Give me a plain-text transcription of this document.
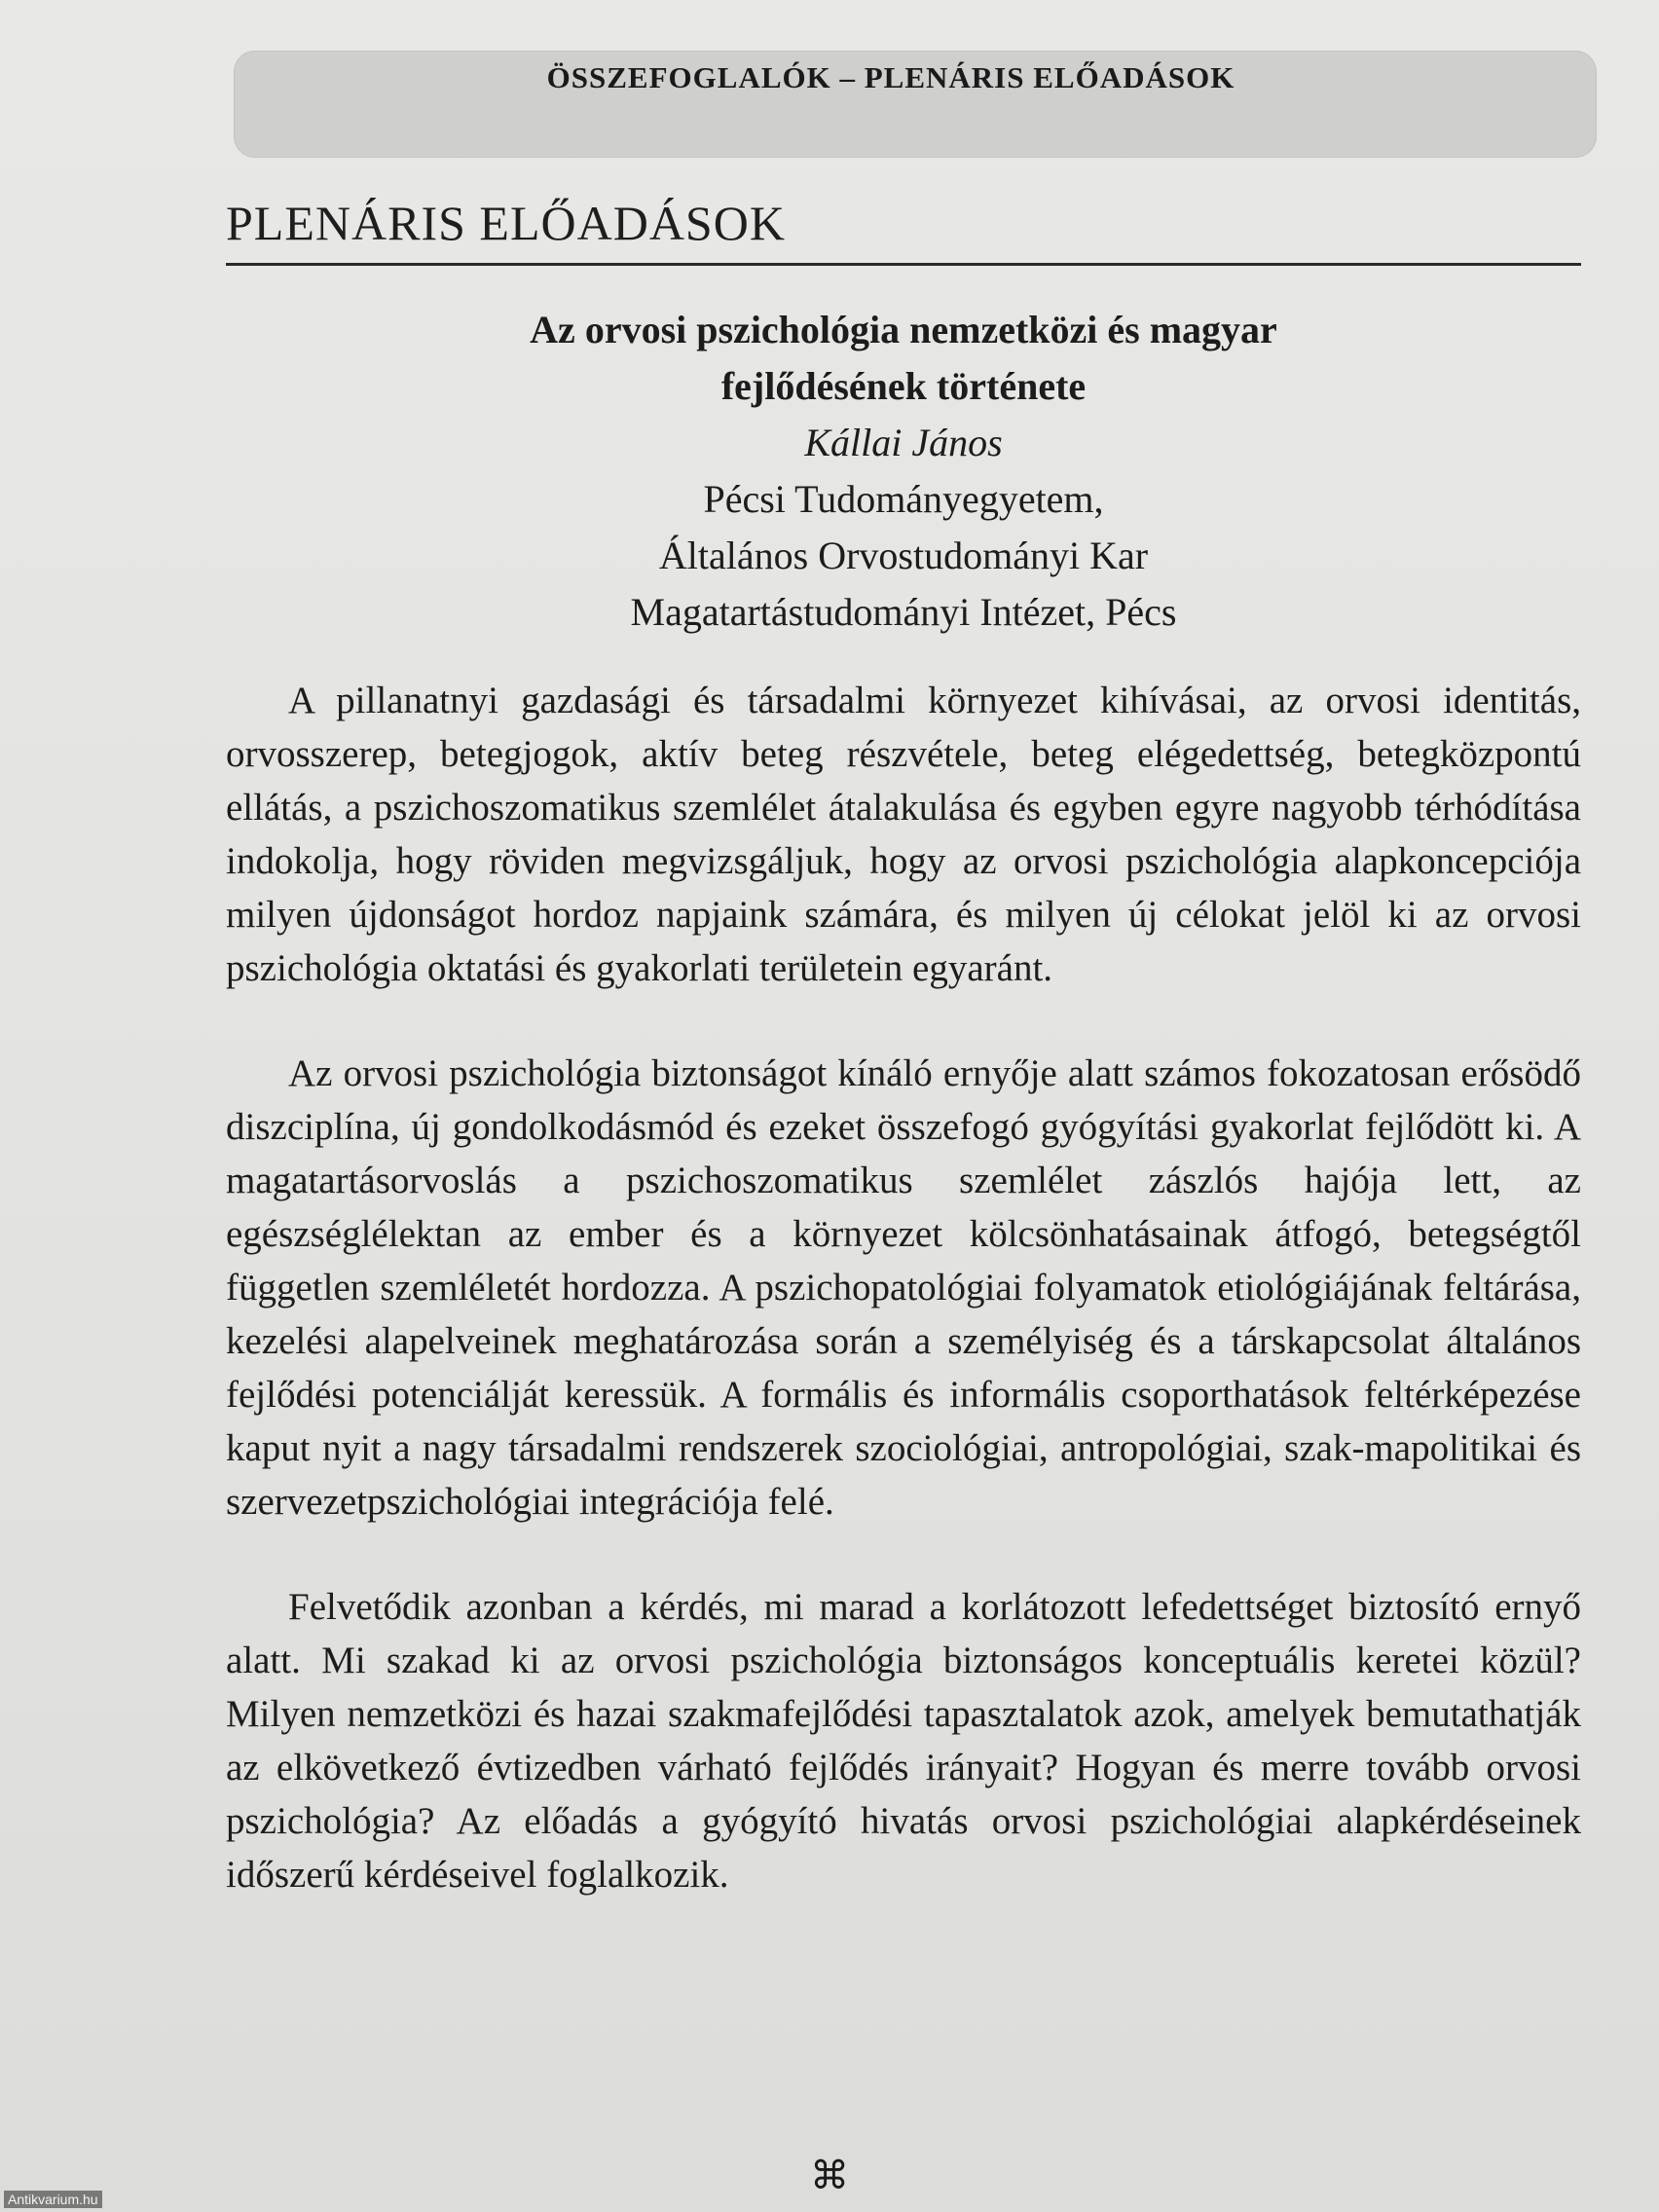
ÖSSZEFOGLALÓK – PLENÁRIS ELŐADÁSOK
PLENÁRIS ELŐADÁSOK

Az orvosi pszichológia nemzetközi és magyar

fejlődésének története

Kállai János

Pécsi Tudományegyetem,

Általános Orvostudományi Kar

Magatartástudományi Intézet, Pécs

A pillanatnyi gazdasági és társadalmi környezet kihívásai, az orvosi identitás, orvosszerep, betegjogok, aktív beteg részvétele, beteg elégedettség, betegközpontú ellátás, a pszichoszomatikus szemlélet átalakulása és egyben egyre nagyobb térhódítása indokolja, hogy röviden megvizsgáljuk, hogy az orvosi pszichológia alapkoncepciója milyen újdonságot hordoz napjaink számára, és milyen új célokat jelöl ki az orvosi pszichológia oktatási és gyakorlati területein egyaránt.

Az orvosi pszichológia biztonságot kínáló ernyője alatt számos fokozatosan erősödő diszciplína, új gondolkodásmód és ezeket összefogó gyógyítási gyakorlat fejlődött ki. A magatartásorvoslás a pszichoszomatikus szemlélet zászlós hajója lett, az egészséglélektan az ember és a környezet kölcsönhatásainak átfogó, betegségtől független szemléletét hordozza. A pszichopatológiai folyamatok etiológiájának feltárása, kezelési alapelveinek meghatározása során a személyiség és a társkapcsolat általános fejlődési potenciálját keressük. A formális és informális csoporthatások feltérképezése kaput nyit a nagy társadalmi rendszerek szociológiai, antropológiai, szak-mapolitikai és szervezetpszichológiai integrációja felé.

Felvetődik azonban a kérdés, mi marad a korlátozott lefedettséget biztosító ernyő alatt. Mi szakad ki az orvosi pszichológia biztonságos konceptuális keretei közül? Milyen nemzetközi és hazai szakmafejlődési tapasztalatok azok, amelyek bemutathatják az elkövetkező évtizedben várható fejlődés irányait? Hogyan és merre tovább orvosi pszichológia? Az előadás a gyógyító hivatás orvosi pszichológiai alapkérdéseinek időszerű kérdéseivel foglalkozik.

⌘
Antikvarium.hu
